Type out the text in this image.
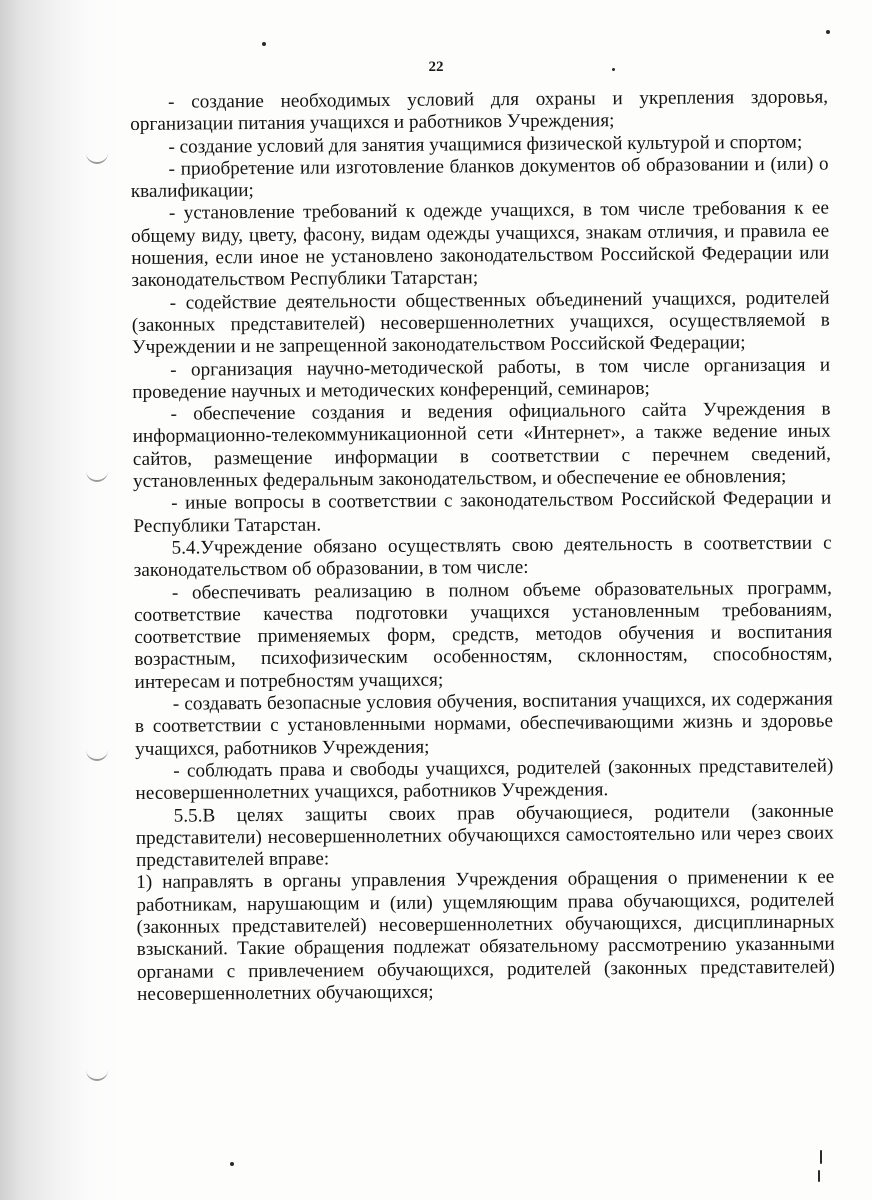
22

- создание необходимых условий для охраны и укрепления здоровья, организации питания учащихся и работников Учреждения;

- создание условий для занятия учащимися физической культурой и спортом;

- приобретение или изготовление бланков документов об образовании и (или) о квалификации;

- установление требований к одежде учащихся, в том числе требования к ее общему виду, цвету, фасону, видам одежды учащихся, знакам отличия, и правила ее ношения, если иное не установлено законодательством Российской Федерации или законодательством Республики Татарстан;

- содействие деятельности общественных объединений учащихся, родителей (законных представителей) несовершеннолетних учащихся, осуществляемой в Учреждении и не запрещенной законодательством Российской Федерации;

- организация научно-методической работы, в том числе организация и проведение научных и методических конференций, семинаров;

- обеспечение создания и ведения официального сайта Учреждения в информационно-телекоммуникационной сети «Интернет», а также ведение иных сайтов, размещение информации в соответствии с перечнем сведений, установленных федеральным законодательством, и обеспечение ее обновления;

- иные вопросы в соответствии с законодательством Российской Федерации и Республики Татарстан.

5.4.Учреждение обязано осуществлять свою деятельность в соответствии с законодательством об образовании, в том числе:

- обеспечивать реализацию в полном объеме образовательных программ, соответствие качества подготовки учащихся установленным требованиям, соответствие применяемых форм, средств, методов обучения и воспитания возрастным, психофизическим особенностям, склонностям, способностям, интересам и потребностям учащихся;

- создавать безопасные условия обучения, воспитания учащихся, их содержания в соответствии с установленными нормами, обеспечивающими жизнь и здоровье учащихся, работников Учреждения;

- соблюдать права и свободы учащихся, родителей (законных представителей) несовершеннолетних учащихся, работников Учреждения.

5.5.В целях защиты своих прав обучающиеся, родители (законные представители) несовершеннолетних обучающихся самостоятельно или через своих представителей вправе:

1) направлять в органы управления Учреждения обращения о применении к ее работникам, нарушающим и (или) ущемляющим права обучающихся, родителей (законных представителей) несовершеннолетних обучающихся, дисциплинарных взысканий. Такие обращения подлежат обязательному рассмотрению указанными органами с привлечением обучающихся, родителей (законных представителей) несовершеннолетних обучающихся;
